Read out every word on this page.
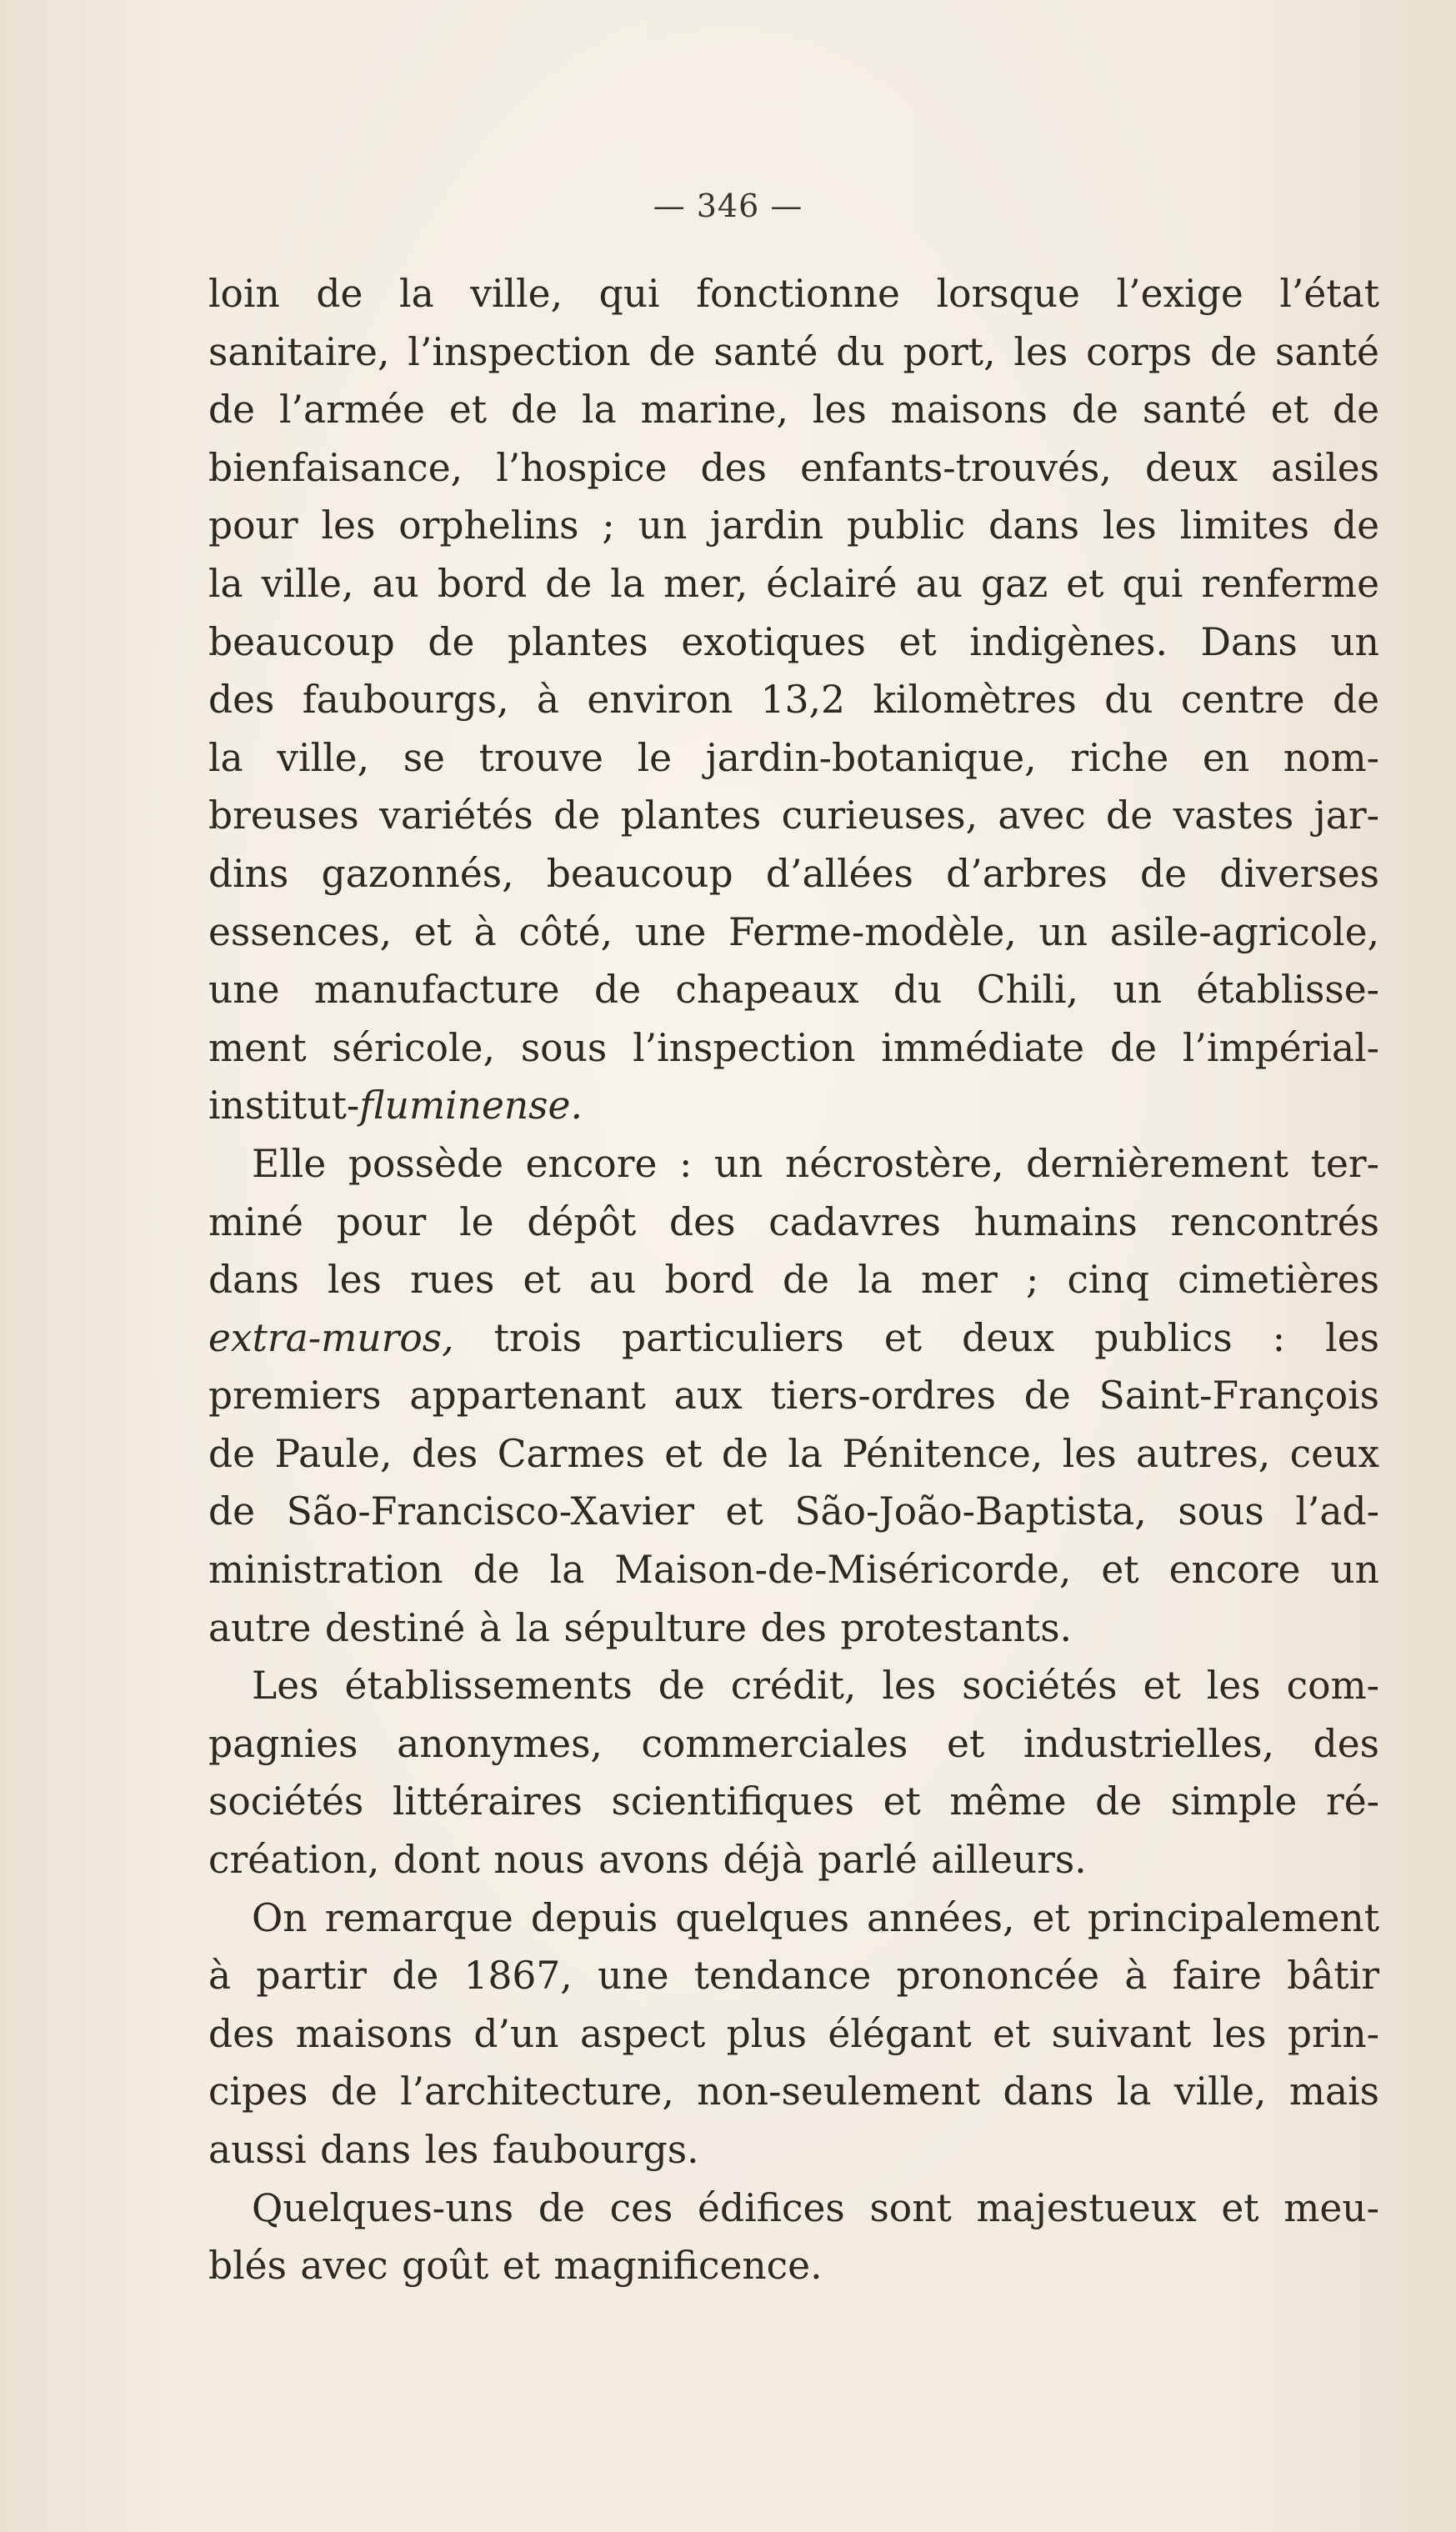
— 346 —
loin de la ville, qui fonctionne lorsque l’exige l’état
sanitaire, l’inspection de santé du port, les corps de santé
de l’armée et de la marine, les maisons de santé et de
bienfaisance, l’hospice des enfants-trouvés, deux asiles
pour les orphelins ; un jardin public dans les limites de
la ville, au bord de la mer, éclairé au gaz et qui renferme
beaucoup de plantes exotiques et indigènes. Dans un
des faubourgs, à environ 13,2 kilomètres du centre de
la ville, se trouve le jardin-botanique, riche en nom-
breuses variétés de plantes curieuses, avec de vastes jar-
dins gazonnés, beaucoup d’allées d’arbres de diverses
essences, et à côté, une Ferme-modèle, un asile-agricole,
une manufacture de chapeaux du Chili, un établisse-
ment séricole, sous l’inspection immédiate de l’impérial-
institut-fluminense.
Elle possède encore : un nécrostère, dernièrement ter-
miné pour le dépôt des cadavres humains rencontrés
dans les rues et au bord de la mer ; cinq cimetières
extra-muros, trois particuliers et deux publics : les
premiers appartenant aux tiers-ordres de Saint-François
de Paule, des Carmes et de la Pénitence, les autres, ceux
de São-Francisco-Xavier et São-João-Baptista, sous l’ad-
ministration de la Maison-de-Miséricorde, et encore un
autre destiné à la sépulture des protestants.
Les établissements de crédit, les sociétés et les com-
pagnies anonymes, commerciales et industrielles, des
sociétés littéraires scientifiques et même de simple ré-
création, dont nous avons déjà parlé ailleurs.
On remarque depuis quelques années, et principalement
à partir de 1867, une tendance prononcée à faire bâtir
des maisons d’un aspect plus élégant et suivant les prin-
cipes de l’architecture, non-seulement dans la ville, mais
aussi dans les faubourgs.
Quelques-uns de ces édifices sont majestueux et meu-
blés avec goût et magnificence.
